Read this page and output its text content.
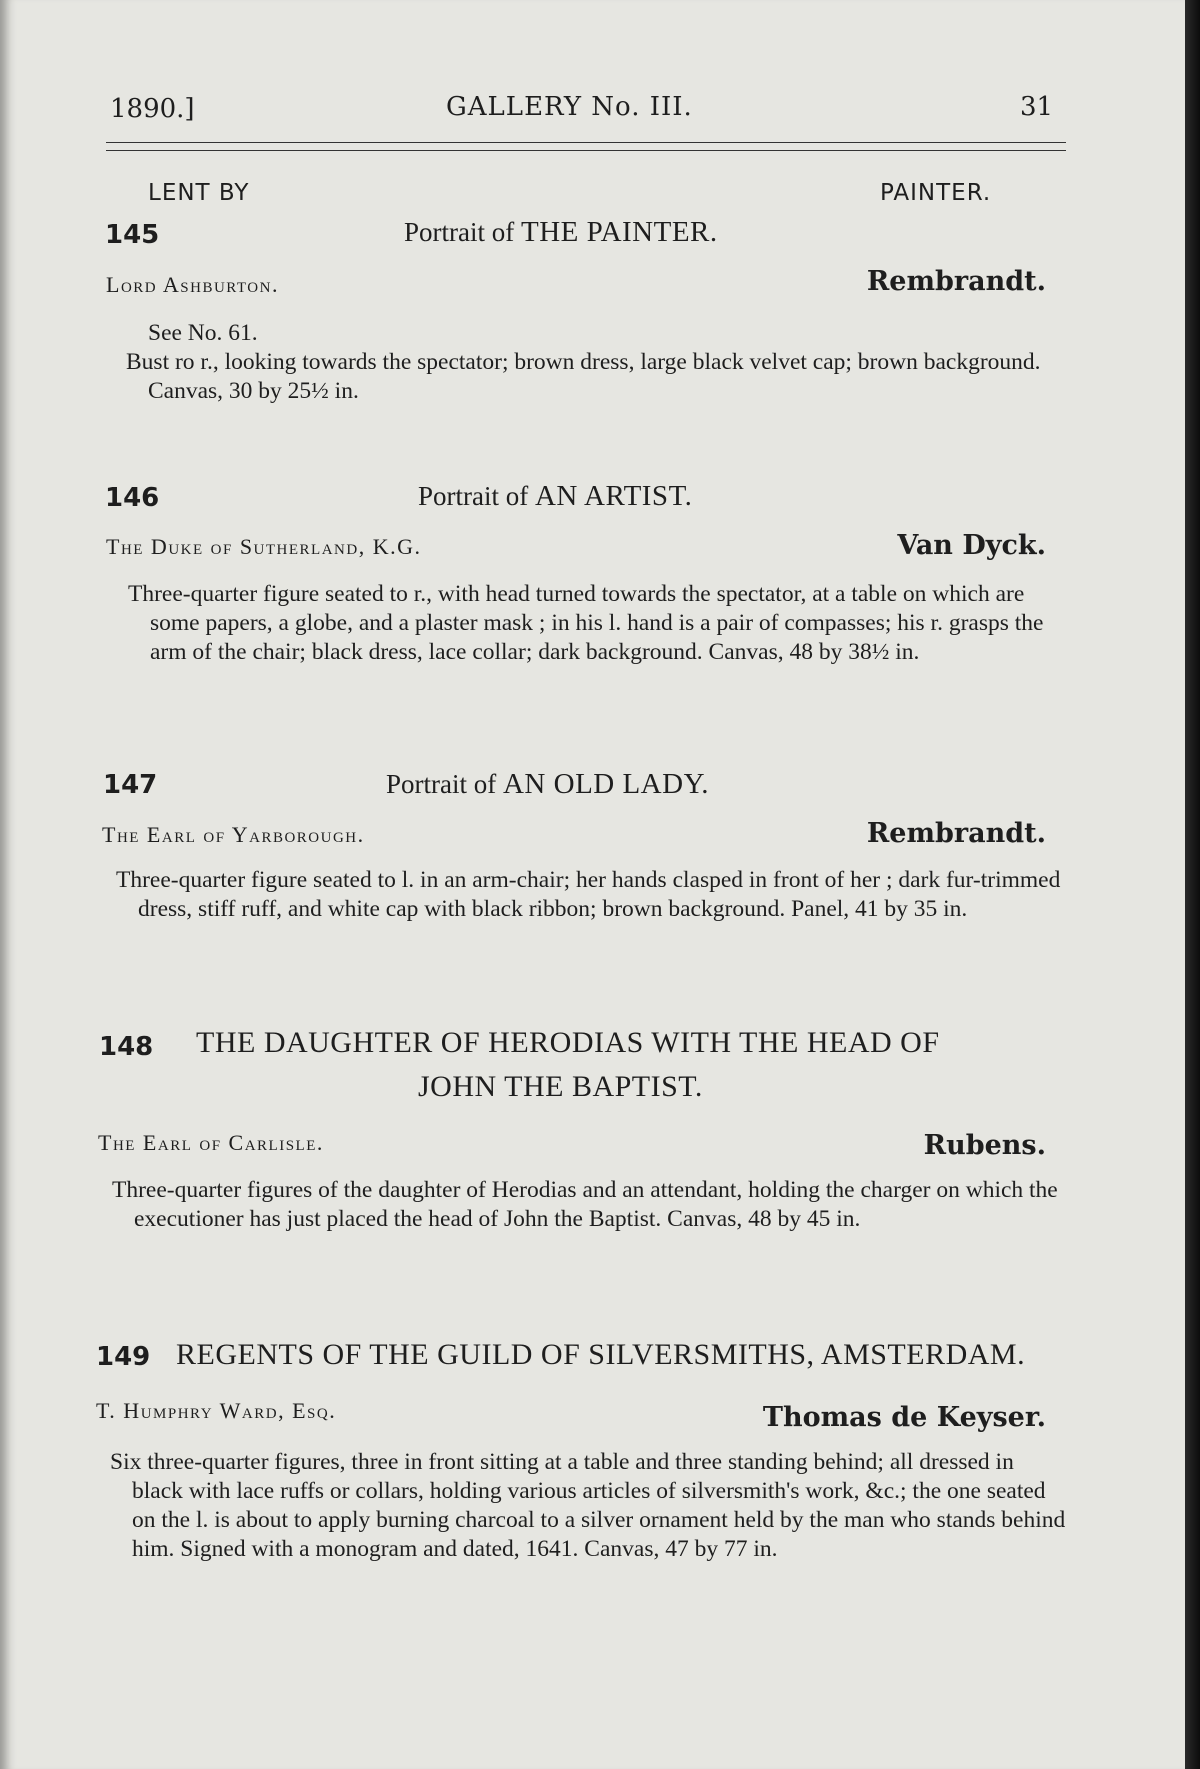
1890.]	GALLERY No. III.	31
LENT BY	PAINTER.
145	Portrait of THE PAINTER.
Lord Ashburton.	Rembrandt.
See No. 61.
Bust ro r., looking towards the spectator; brown dress, large black velvet cap; brown background. Canvas, 30 by 25½ in.
146	Portrait of AN ARTIST.
The Duke of Sutherland, K.G.	Van Dyck.
Three-quarter figure seated to r., with head turned towards the spectator, at a table on which are some papers, a globe, and a plaster mask ; in his l. hand is a pair of compasses; his r. grasps the arm of the chair; black dress, lace collar; dark background. Canvas, 48 by 38½ in.
147	Portrait of AN OLD LADY.
The Earl of Yarborough.	Rembrandt.
Three-quarter figure seated to l. in an arm-chair; her hands clasped in front of her ; dark fur-trimmed dress, stiff ruff, and white cap with black ribbon; brown background. Panel, 41 by 35 in.
148 THE DAUGHTER OF HERODIAS WITH THE HEAD OF
JOHN THE BAPTIST.
The Earl of Carlisle.	Rubens.
Three-quarter figures of the daughter of Herodias and an attendant, holding the charger on which the executioner has just placed the head of John the Baptist. Canvas, 48 by 45 in.
149 REGENTS OF THE GUILD OF SILVERSMITHS, AMSTERDAM.
T. Humphry Ward, Esq.	Thomas de Keyser.
Six three-quarter figures, three in front sitting at a table and three standing behind; all dressed in black with lace ruffs or collars, holding various articles of silversmith's work, &c.; the one seated on the l. is about to apply burning charcoal to a silver ornament held by the man who stands behind him. Signed with a monogram and dated, 1641. Canvas, 47 by 77 in.
